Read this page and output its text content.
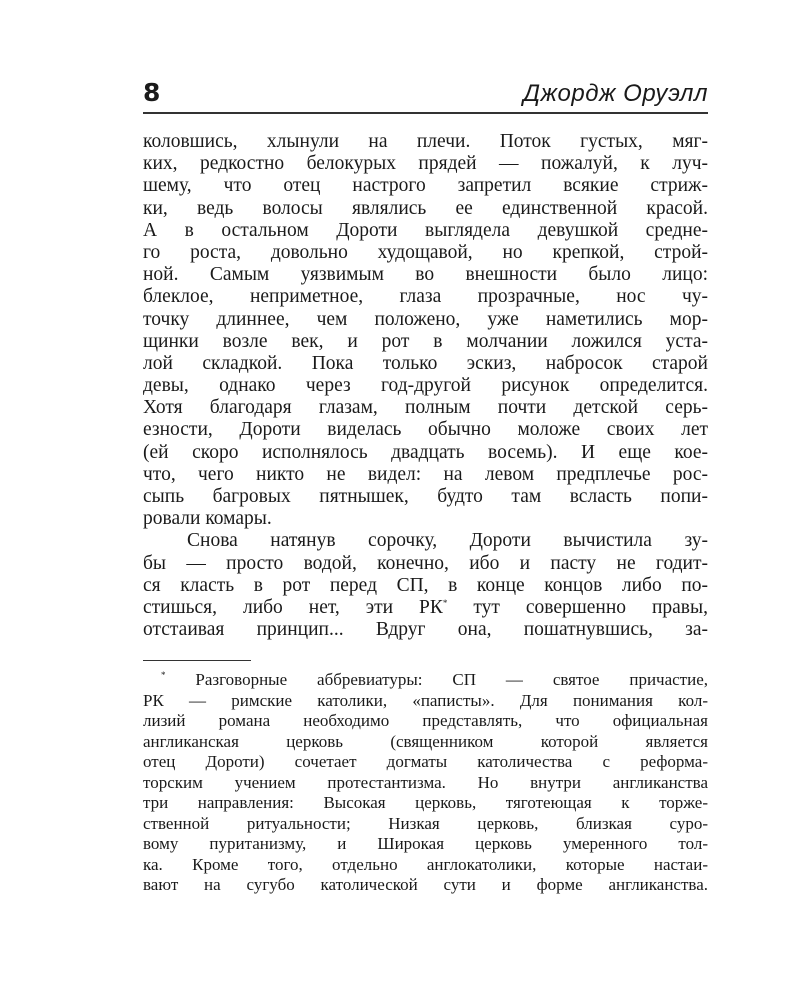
8	Джордж Оруэлл
коловшись, хлынули на плечи. Поток густых, мяг-
ких, редкостно белокурых прядей — пожалуй, к луч-
шему, что отец настрого запретил всякие стриж-
ки, ведь волосы являлись ее единственной красой.
А в остальном Дороти выглядела девушкой средне-
го роста, довольно худощавой, но крепкой, строй-
ной. Самым уязвимым во внешности было лицо:
блеклое, неприметное, глаза прозрачные, нос чу-
точку длиннее, чем положено, уже наметились мор-
щинки возле век, и рот в молчании ложился уста-
лой складкой. Пока только эскиз, набросок старой
девы, однако через год-другой рисунок определится.
Хотя благодаря глазам, полным почти детской серь-
езности, Дороти виделась обычно моложе своих лет
(ей скоро исполнялось двадцать восемь). И еще кое-
что, чего никто не видел: на левом предплечье рос-
сыпь багровых пятнышек, будто там всласть попи-
ровали комары.
Снова натянув сорочку, Дороти вычистила зу-
бы — просто водой, конечно, ибо и пасту не годит-
ся класть в рот перед СП, в конце концов либо по-
стишься, либо нет, эти РК* тут совершенно правы,
отстаивая принцип... Вдруг она, пошатнувшись, за-
* Разговорные аббревиатуры: СП — святое причастие,
РК — римские католики, «паписты». Для понимания кол-
лизий романа необходимо представлять, что официальная
англиканская церковь (священником которой является
отец Дороти) сочетает догматы католичества с реформа-
торским учением протестантизма. Но внутри англиканства
три направления: Высокая церковь, тяготеющая к торже-
ственной ритуальности; Низкая церковь, близкая суро-
вому пуританизму, и Широкая церковь умеренного тол-
ка. Кроме того, отдельно англокатолики, которые настаи-
вают на сугубо католической сути и форме англиканства.
